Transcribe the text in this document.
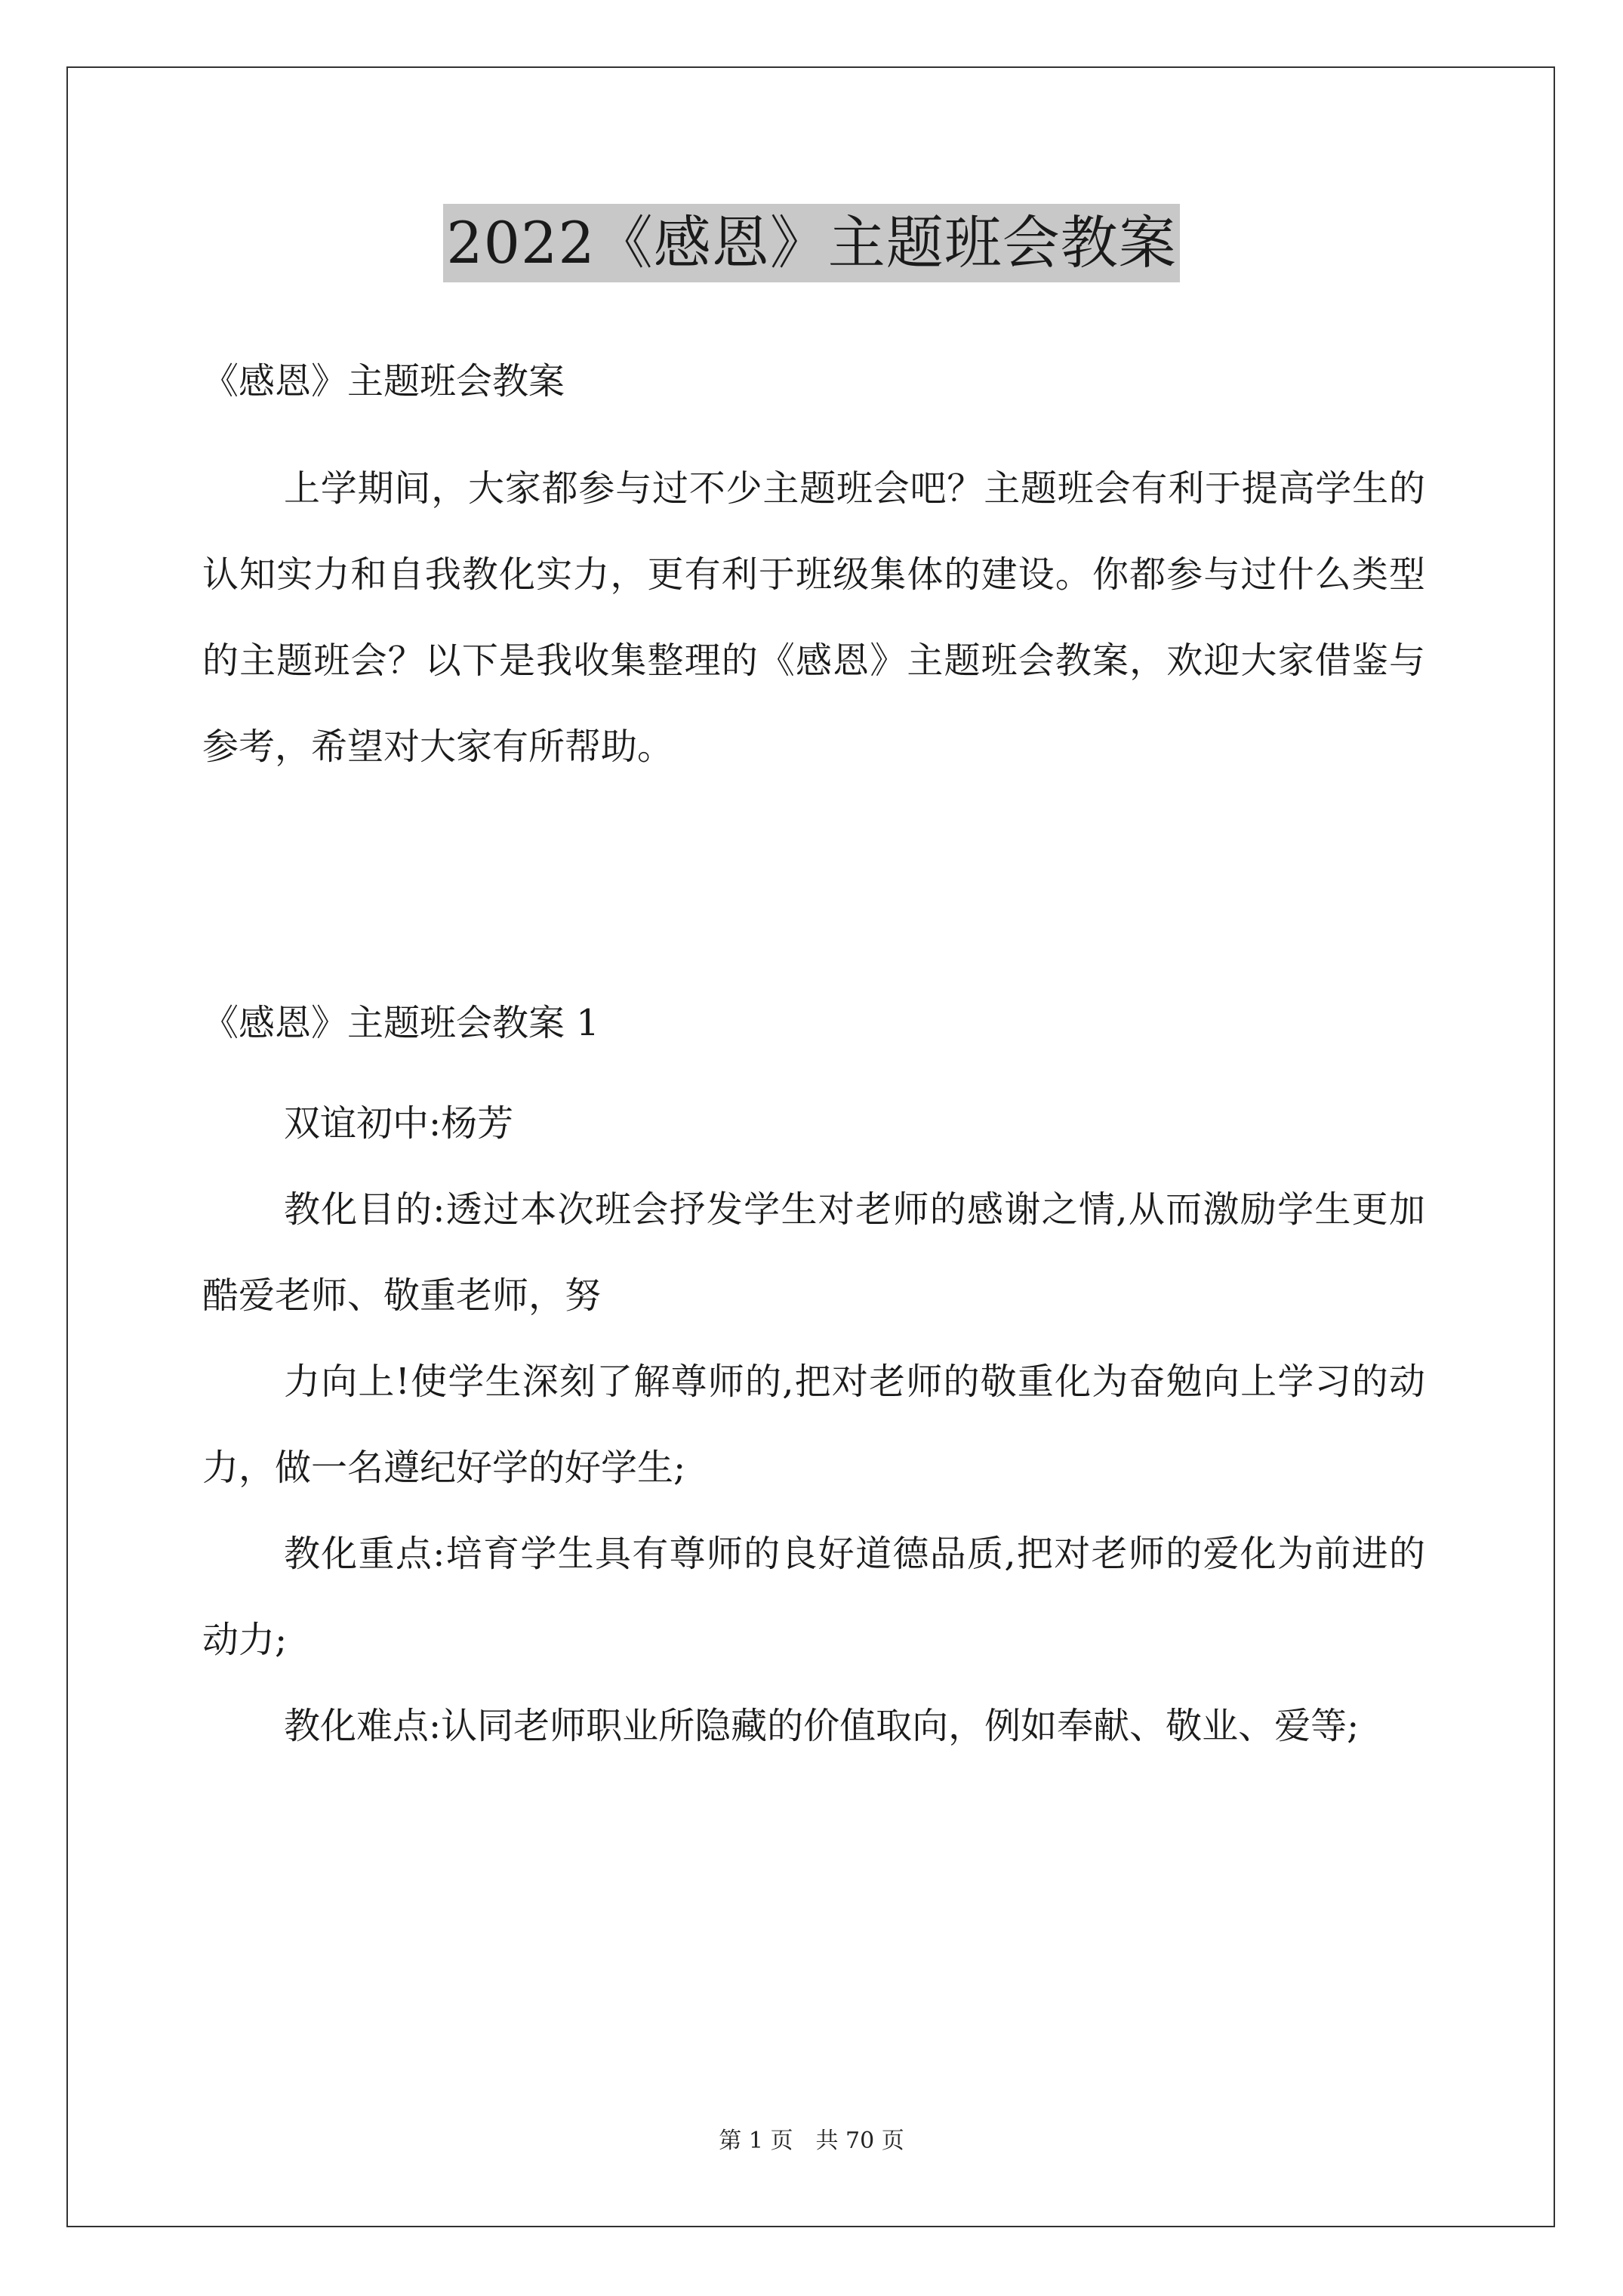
2022《感恩》主题班会教案

《感恩》主题班会教案

上学期间，大家都参与过不少主题班会吧？主题班会有利于提高学生的认知实力和自我教化实力，更有利于班级集体的建设。你都参与过什么类型的主题班会？以下是我收集整理的《感恩》主题班会教案，欢迎大家借鉴与参考，希望对大家有所帮助。

《感恩》主题班会教案 1

双谊初中:杨芳

教化目的:透过本次班会抒发学生对老师的感谢之情,从而激励学生更加酷爱老师、敬重老师，努

力向上!使学生深刻了解尊师的,把对老师的敬重化为奋勉向上学习的动力，做一名遵纪好学的好学生;

教化重点:培育学生具有尊师的良好道德品质,把对老师的爱化为前进的动力;

教化难点:认同老师职业所隐藏的价值取向，例如奉献、敬业、爱等;

第 1 页　共 70 页
